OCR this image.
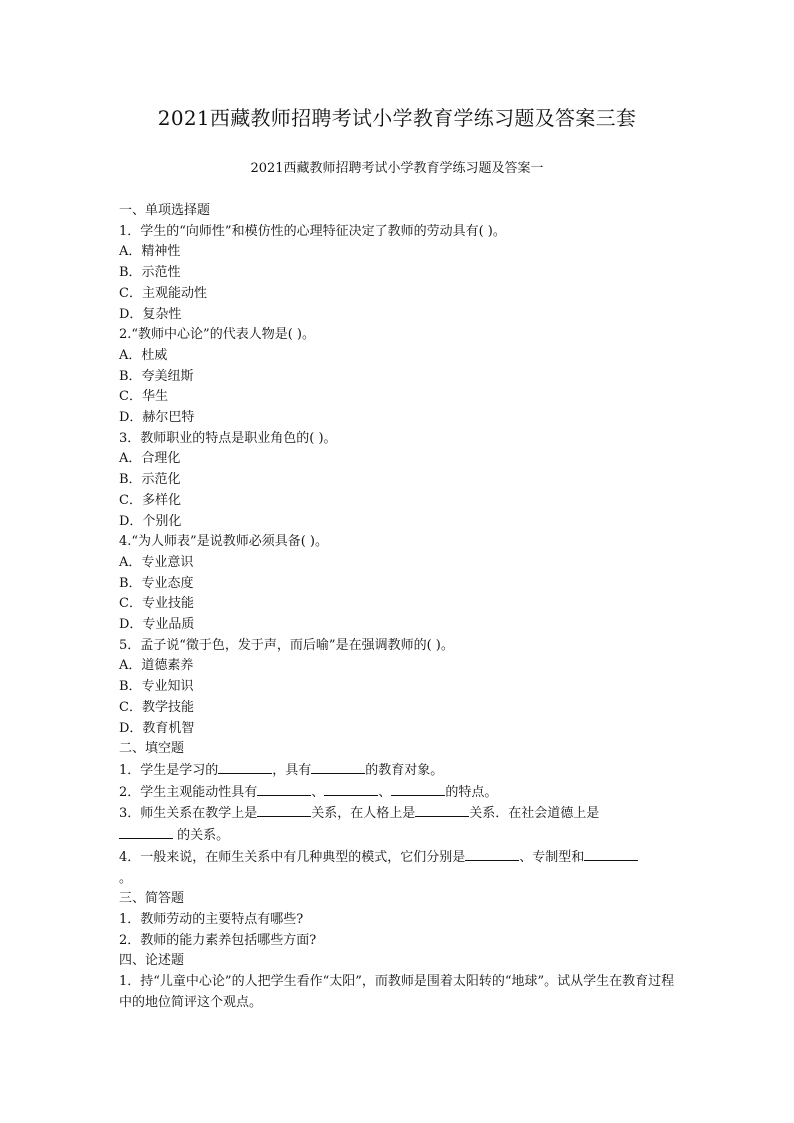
2021西藏教师招聘考试小学教育学练习题及答案三套
2021西藏教师招聘考试小学教育学练习题及答案一
一、单项选择题
1．学生的“向师性”和模仿性的心理特征决定了教师的劳动具有( )。
A．精神性
B．示范性
C．主观能动性
D．复杂性
2.“教师中心论”的代表人物是( )。
A．杜威
B．夸美纽斯
C．华生
D．赫尔巴特
3．教师职业的特点是职业角色的( )。
A．合理化
B．示范化
C．多样化
D．个别化
4.“为人师表”是说教师必须具备( )。
A．专业意识
B．专业态度
C．专业技能
D．专业品质
5．孟子说“徵于色，发于声，而后喻”是在强调教师的( )。
A．道德素养
B．专业知识
C．教学技能
D．教育机智
二、填空题
1．学生是学习的	，具有	的教育对象。
2．学生主观能动性具有	、	、	的特点。
3．师生关系在教学上是	关系，在人格上是	关系．在社会道德上是
的关系。
4．一般来说，在师生关系中有几种典型的模式，它们分别是	、专制型和
。
三、简答题
1．教师劳动的主要特点有哪些?
2．教师的能力素养包括哪些方面?
四、论述题
1．持“儿童中心论”的人把学生看作“太阳”，而教师是围着太阳转的“地球”。试从学生在教育过程中的地位简评这个观点。
